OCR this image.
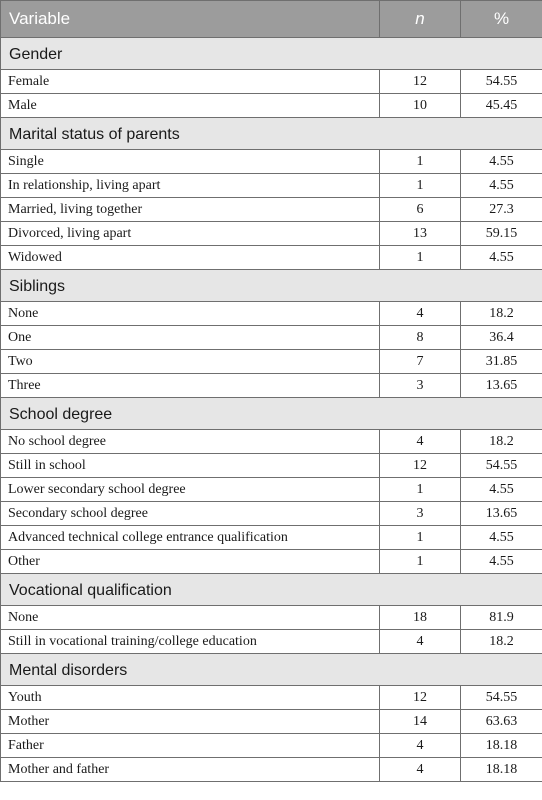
Variable	n	%
Gender		
Female	12	54.55
Male	10	45.45
Marital status of parents		
Single	1	4.55
In relationship, living apart	1	4.55
Married, living together	6	27.3
Divorced, living apart	13	59.15
Widowed	1	4.55
Siblings		
None	4	18.2
One	8	36.4
Two	7	31.85
Three	3	13.65
School degree		
No school degree	4	18.2
Still in school	12	54.55
Lower secondary school degree	1	4.55
Secondary school degree	3	13.65
Advanced technical college entrance qualification	1	4.55
Other	1	4.55
Vocational qualification		
None	18	81.9
Still in vocational training/college education	4	18.2
Mental disorders		
Youth	12	54.55
Mother	14	63.63
Father	4	18.18
Mother and father	4	18.18
